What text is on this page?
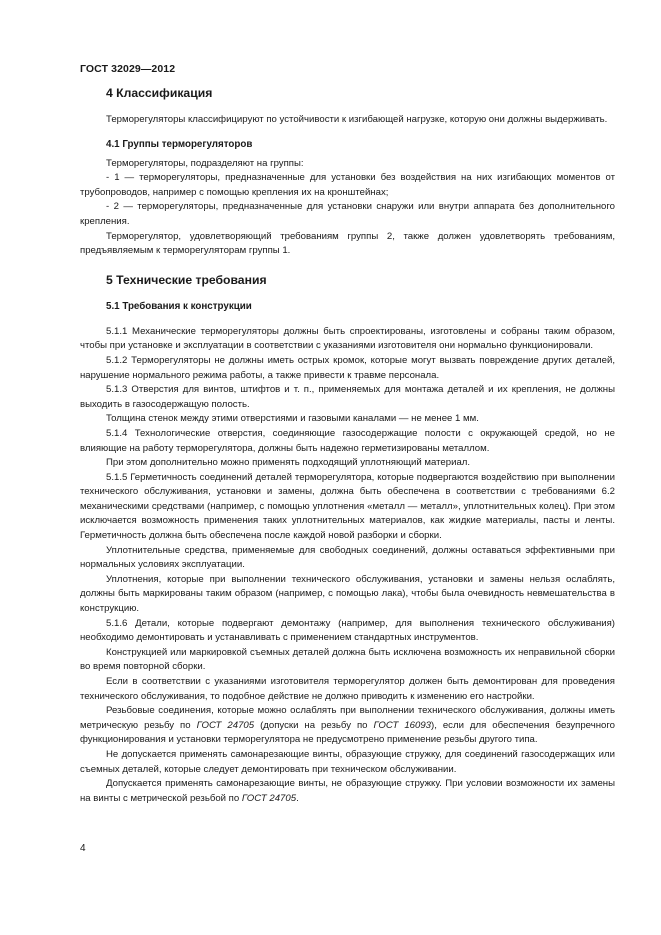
ГОСТ 32029—2012
4 Классификация

Терморегуляторы классифицируют по устойчивости к изгибающей нагрузке, которую они должны выдерживать.

4.1 Группы терморегуляторов

Терморегуляторы, подразделяют на группы:

- 1 — терморегуляторы, предназначенные для установки без воздействия на них изгибающих моментов от трубопроводов, например с помощью крепления их на кронштейнах;

- 2 — терморегуляторы, предназначенные для установки снаружи или внутри аппарата без дополнительного крепления.

Терморегулятор, удовлетворяющий требованиям группы 2, также должен удовлетворять требованиям, предъявляемым к терморегуляторам группы 1.

5 Технические требования
5.1 Требования к конструкции

5.1.1 Механические терморегуляторы должны быть спроектированы, изготовлены и собраны таким образом, чтобы при установке и эксплуатации в соответствии с указаниями изготовителя они нормально функционировали.

5.1.2 Терморегуляторы не должны иметь острых кромок, которые могут вызвать повреждение других деталей, нарушение нормального режима работы, а также привести к травме персонала.

5.1.3 Отверстия для винтов, штифтов и т. п., применяемых для монтажа деталей и их крепления, не должны выходить в газосодержащую полость.

Толщина стенок между этими отверстиями и газовыми каналами — не менее 1 мм.

5.1.4 Технологические отверстия, соединяющие газосодержащие полости с окружающей средой, но не влияющие на работу терморегулятора, должны быть надежно герметизированы металлом.

При этом дополнительно можно применять подходящий уплотняющий материал.

5.1.5 Герметичность соединений деталей терморегулятора, которые подвергаются воздействию при выполнении технического обслуживания, установки и замены, должна быть обеспечена в соответствии с требованиями 6.2 механическими средствами (например, с помощью уплотнения «металл — металл», уплотнительных колец). При этом исключается возможность применения таких уплотнительных материалов, как жидкие материалы, пасты и ленты. Герметичность должна быть обеспечена после каждой новой разборки и сборки.

Уплотнительные средства, применяемые для свободных соединений, должны оставаться эффективными при нормальных условиях эксплуатации.

Уплотнения, которые при выполнении технического обслуживания, установки и замены нельзя ослаблять, должны быть маркированы таким образом (например, с помощью лака), чтобы была очевидность невмешательства в конструкцию.

5.1.6 Детали, которые подвергают демонтажу (например, для выполнения технического обслуживания) необходимо демонтировать и устанавливать с применением стандартных инструментов.

Конструкцией или маркировкой съемных деталей должна быть исключена возможность их неправильной сборки во время повторной сборки.

Если в соответствии с указаниями изготовителя терморегулятор должен быть демонтирован для проведения технического обслуживания, то подобное действие не должно приводить к изменению его настройки.

Резьбовые соединения, которые можно ослаблять при выполнении технического обслуживания, должны иметь метрическую резьбу по ГОСТ 24705 (допуски на резьбу по ГОСТ 16093), если для обеспечения безупречного функционирования и установки терморегулятора не предусмотрено применение резьбы другого типа.

Не допускается применять самонарезающие винты, образующие стружку, для соединений газосодержащих или съемных деталей, которые следует демонтировать при техническом обслуживании.

Допускается применять самонарезающие винты, не образующие стружку. При условии возможности их замены на винты с метрической резьбой по ГОСТ 24705.

4
